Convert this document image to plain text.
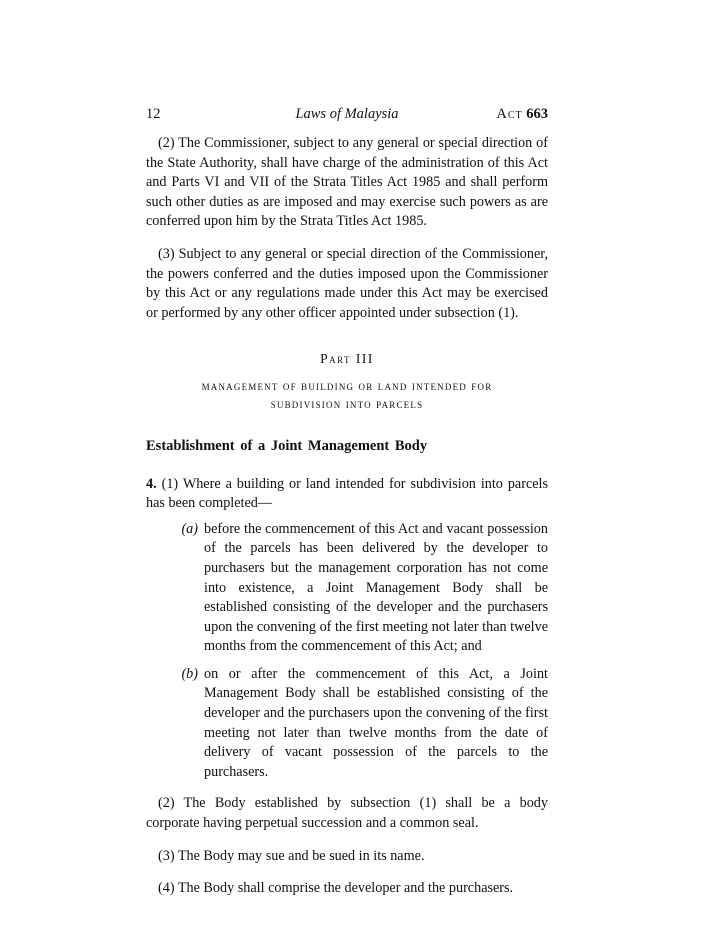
12	Laws of Malaysia	Act 663

(2) The Commissioner, subject to any general or special direction of the State Authority, shall have charge of the administration of this Act and Parts VI and VII of the Strata Titles Act 1985 and shall perform such other duties as are imposed and may exercise such powers as are conferred upon him by the Strata Titles Act 1985.

(3) Subject to any general or special direction of the Commissioner, the powers conferred and the duties imposed upon the Commissioner by this Act or any regulations made under this Act may be exercised or performed by any other officer appointed under subsection (1).

Part III
management of building or land intended for subdivision into parcels
Establishment of a Joint Management Body

4. (1) Where a building or land intended for subdivision into parcels has been completed—

(a) before the commencement of this Act and vacant possession of the parcels has been delivered by the developer to purchasers but the management corporation has not come into existence, a Joint Management Body shall be established consisting of the developer and the purchasers upon the convening of the first meeting not later than twelve months from the commencement of this Act; and
(b) on or after the commencement of this Act, a Joint Management Body shall be established consisting of the developer and the purchasers upon the convening of the first meeting not later than twelve months from the date of delivery of vacant possession of the parcels to the purchasers.

(2) The Body established by subsection (1) shall be a body corporate having perpetual succession and a common seal.

(3) The Body may sue and be sued in its name.

(4) The Body shall comprise the developer and the purchasers.
